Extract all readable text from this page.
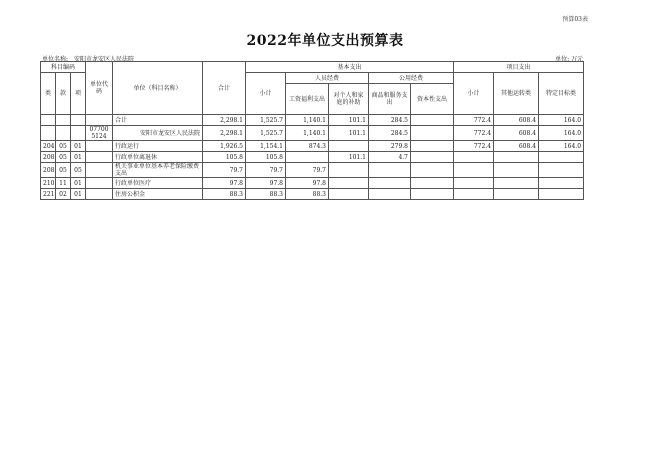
预算03表
2022年单位支出预算表
单位名称: 安阳市龙安区人民法院	单位: 万元
科目编码			单位代码	单位（科目名称）	合计	基本支出					项目支出		
类	款	项				小计	人员经费		公用经费		小计	其他运转类	特定目标类
							工资福利支出	对个人和家庭的补助	商品和服务支出	资本性支出			
				合计	2,298.1	1,525.7	1,140.1	101.1	284.5		772.4	608.4	164.0
			077005124	安阳市龙安区人民法院	2,298.1	1,525.7	1,140.1	101.1	284.5		772.4	608.4	164.0
204	05	01		行政运行	1,926.5	1,154.1	874.3		279.8		772.4	608.4	164.0
208	05	01		行政单位离退休	105.8	105.8		101.1	4.7				
208	05	05		机关事业单位基本养老保险缴费支出	79.7	79.7	79.7						
210	11	01		行政单位医疗	97.8	97.8	97.8						
221	02	01		住房公积金	88.3	88.3	88.3						
